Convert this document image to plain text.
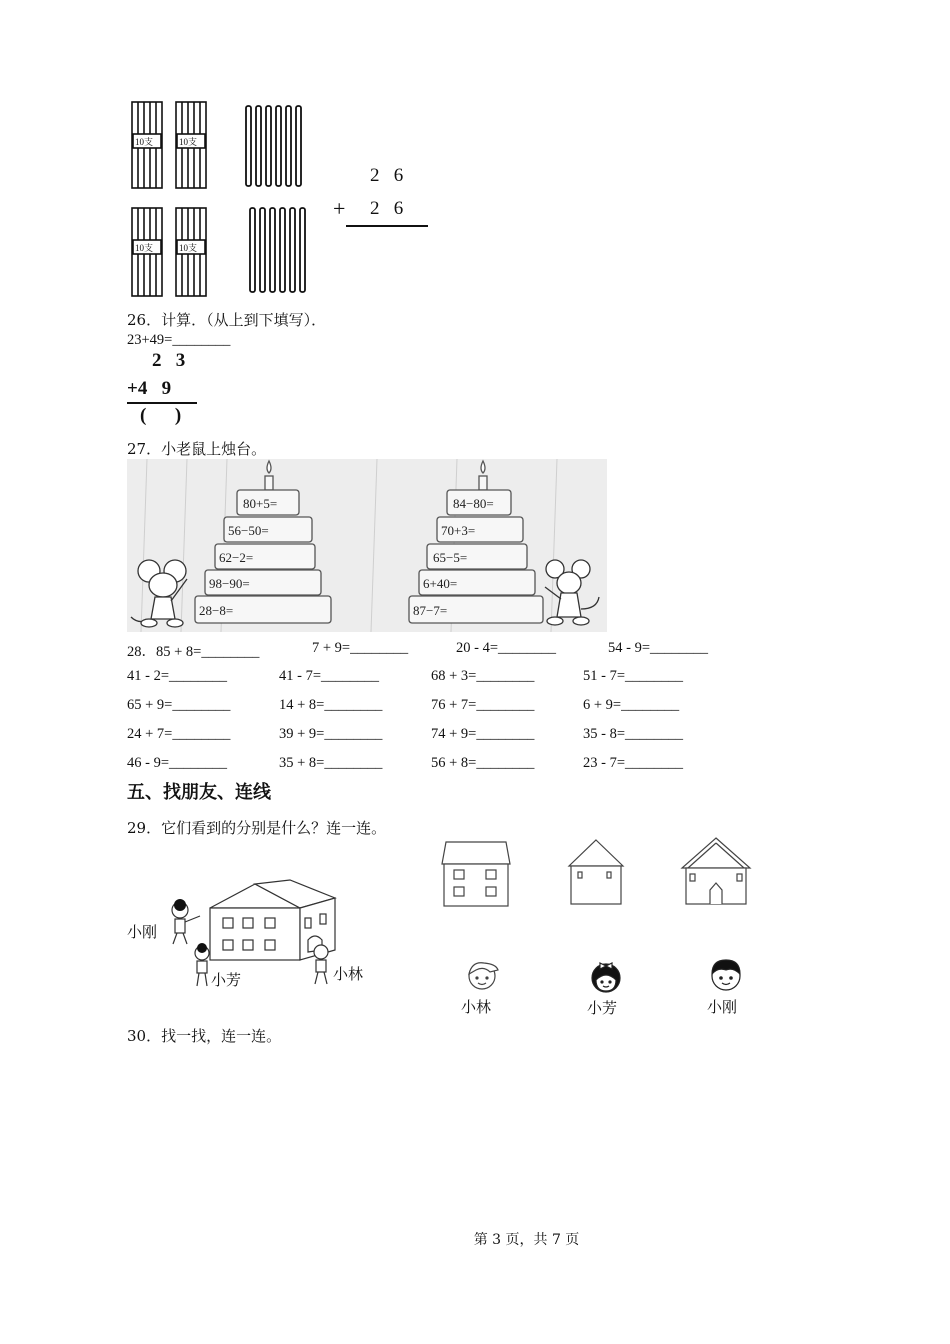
10支	10支
10支	10支
2   6
+ 2   6
26．计算．（从上到下填写）．
23+49=________
2   3
+4   9
(      )
27．小老鼠上烛台。
80+5=
56−50=
62−2=
98−90=
28−8=
84−80=
70+3=
65−5=
6+40=
87−7=
28．85 + 8=________	7 + 9=________	20 - 4=________	54 - 9=________
41 - 2=________	41 - 7=________	68 + 3=________	51 - 7=________
65 + 9=________	14 + 8=________	76 + 7=________	6 + 9=________
24 + 7=________	39 + 9=________	74 + 9=________	35 - 8=________
46 - 9=________	35 + 8=________	56 + 8=________	23 - 7=________
五、找朋友、连线
29．它们看到的分别是什么？连一连。
小刚
小芳	小林
小林	小芳	小刚
30．找一找，连一连。
第 3 页，共 7 页
